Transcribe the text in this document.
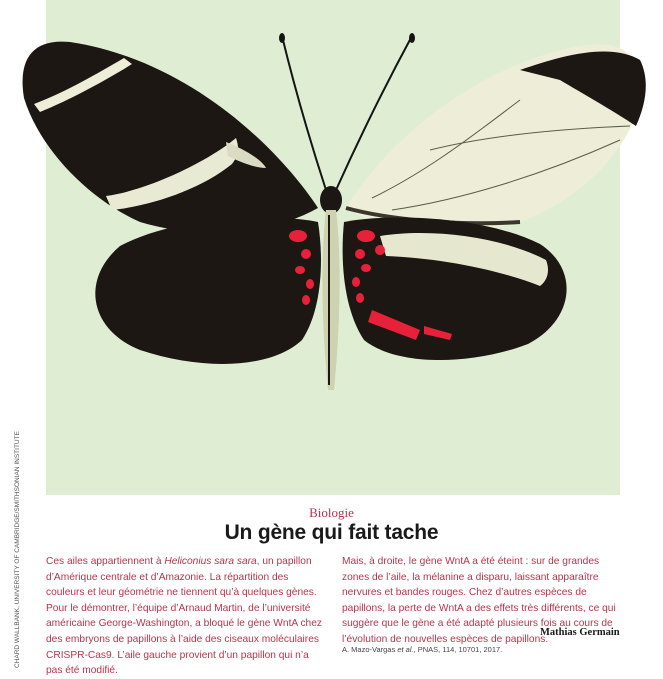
CHARD WALLBANK, UNIVERSITY OF CAMBRIDGE/SMITHSONIAN INSTITUTE	Biologie
Un gène qui fait tache

Ces ailes appartiennent à Heliconius sara sara, un papillon d’Amérique centrale et d’Amazonie. La répartition des couleurs et leur géométrie ne tiennent qu’à quelques gènes. Pour le démontrer, l’équipe d’Arnaud Martin, de l’université américaine George-Washington, a bloqué le gène WntA chez des embryons de papillons à l’aide des ciseaux moléculaires CRISPR-Cas9. L’aile gauche provient d’un papillon qui n’a pas été modifié.

Mais, à droite, le gène WntA a été éteint : sur de grandes zones de l’aile, la mélanine a disparu, laissant apparaître nervures et bandes rouges. Chez d’autres espèces de papillons, la perte de WntA a des effets très différents, ce qui suggère que le gène a été adapté plusieurs fois au cours de l’évolution de nouvelles espèces de papillons.

Mathias Germain
A. Mazo-Vargas et al., PNAS, 114, 10701, 2017.
